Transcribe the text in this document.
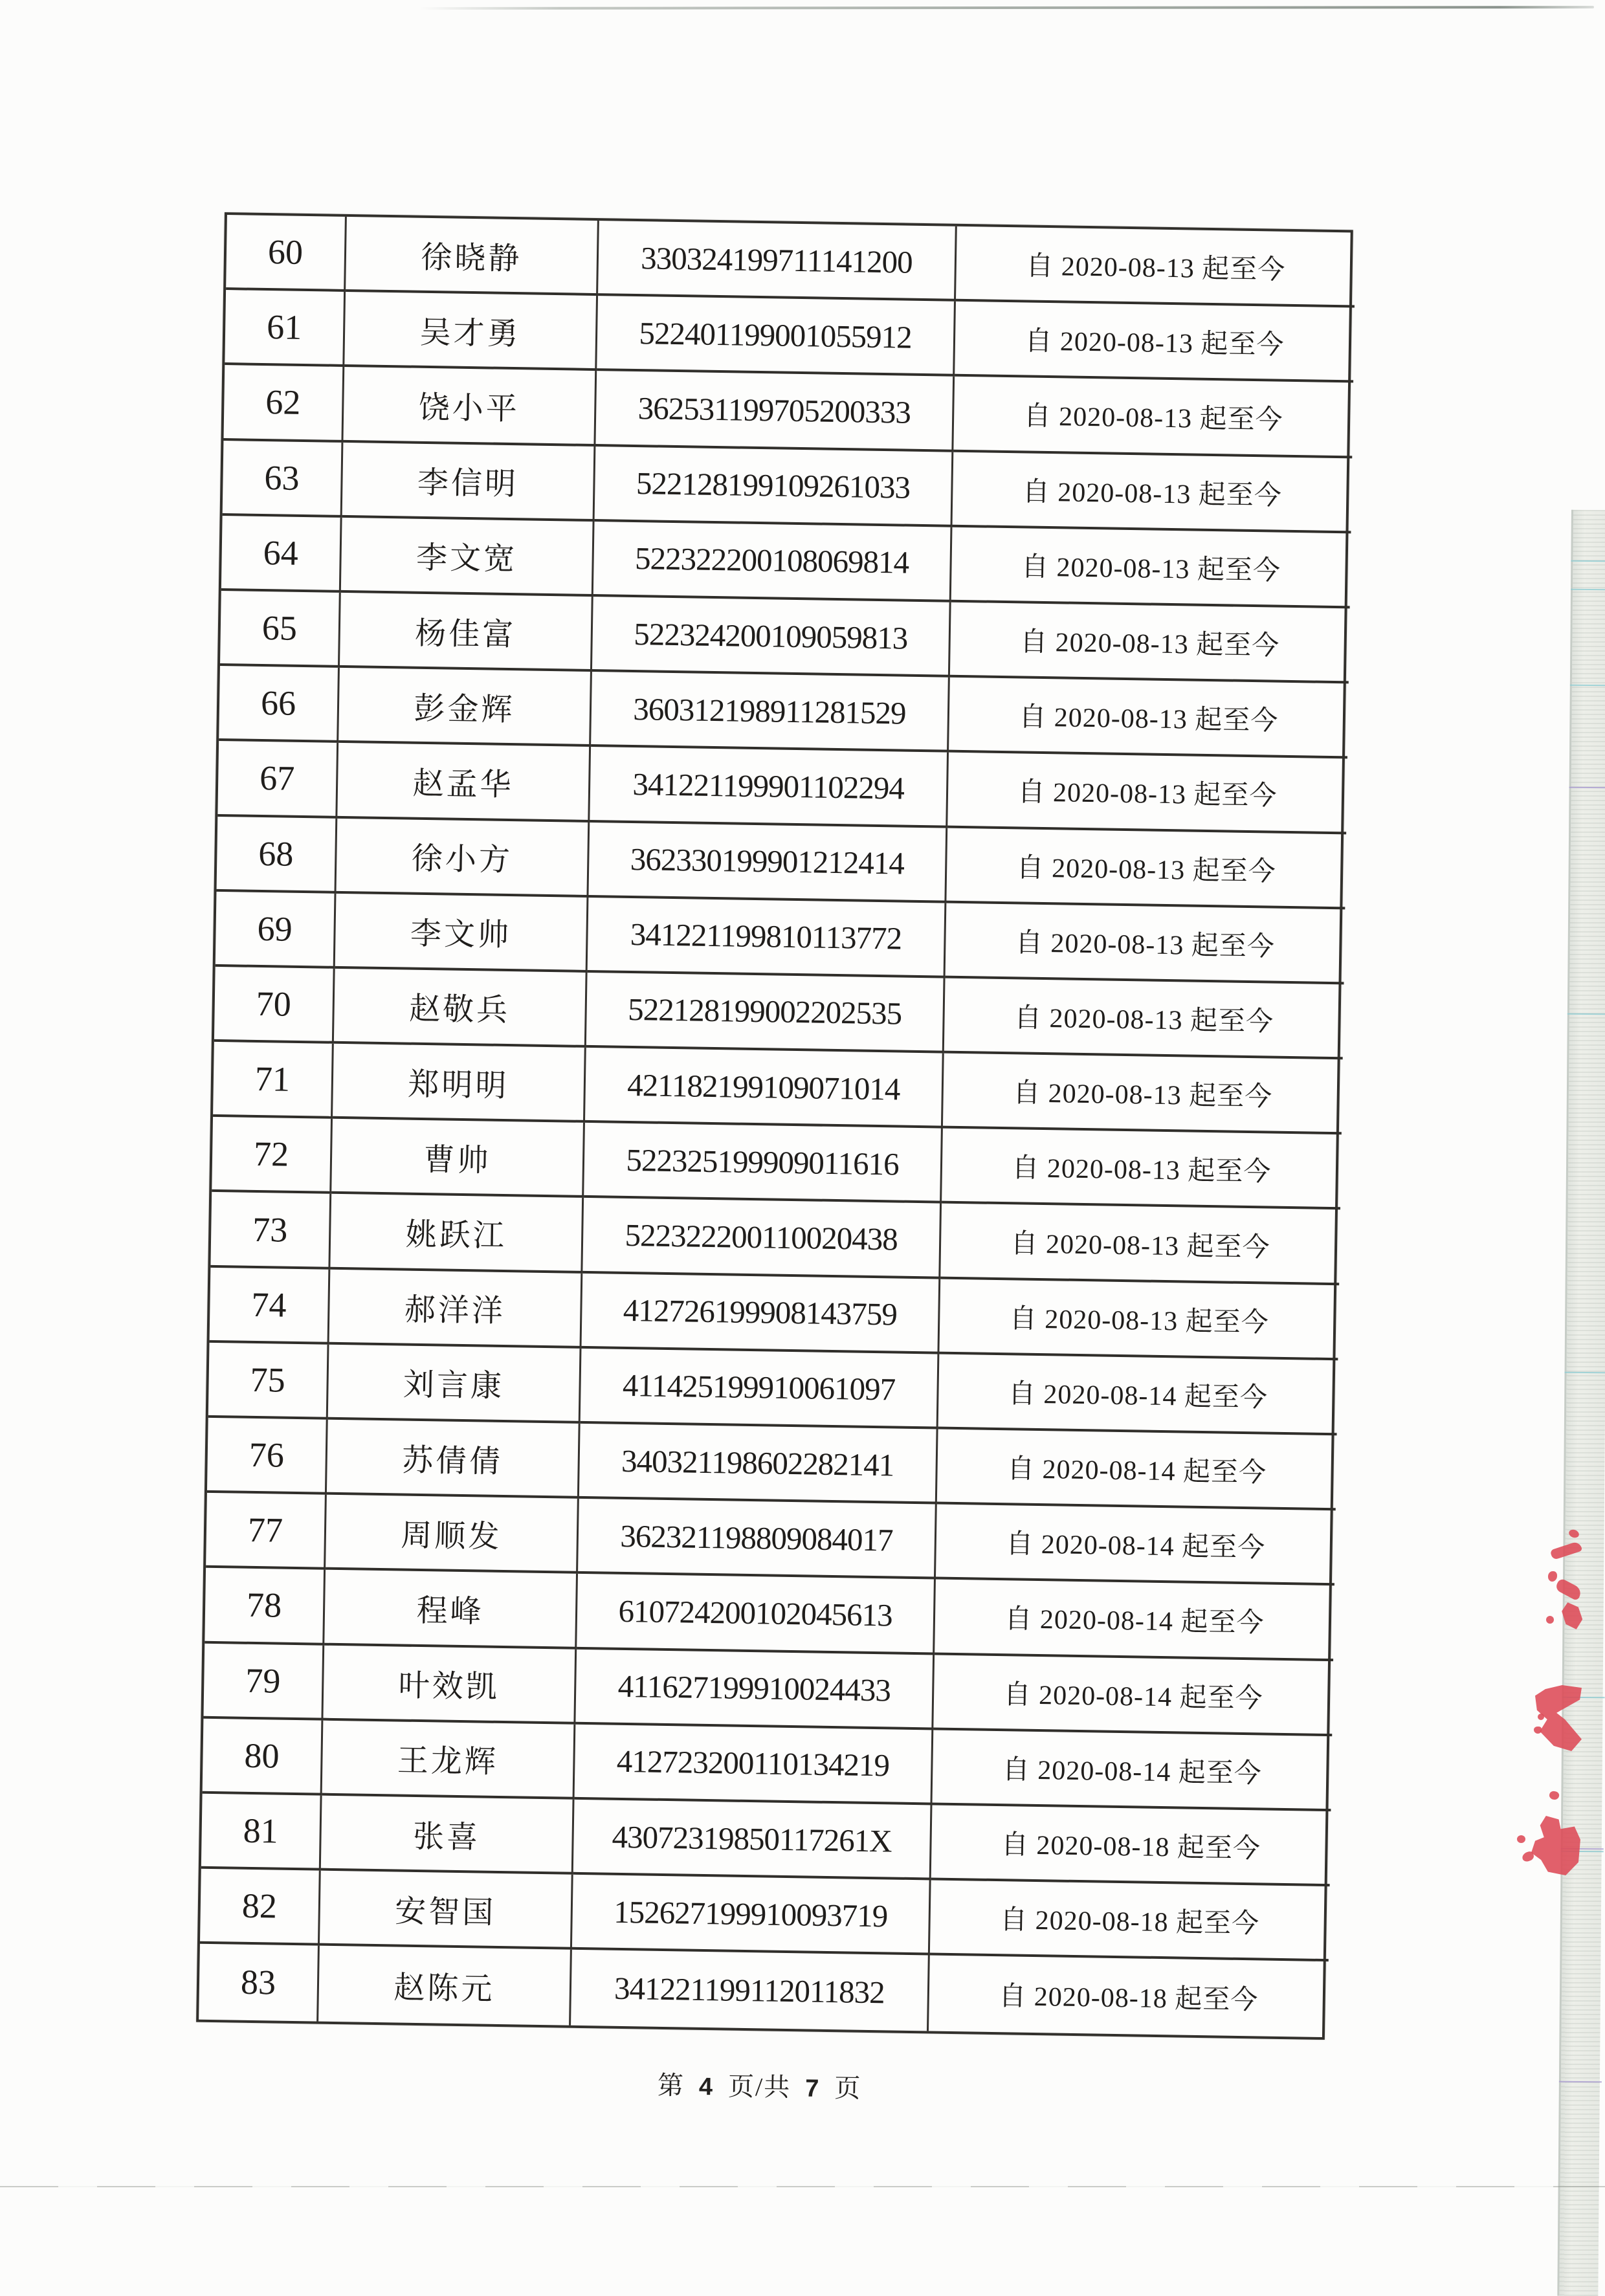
60	徐晓静	330324199711141200	自 2020-08-13 起至今
61	吴才勇	522401199001055912	自 2020-08-13 起至今
62	饶小平	362531199705200333	自 2020-08-13 起至今
63	李信明	522128199109261033	自 2020-08-13 起至今
64	李文宽	522322200108069814	自 2020-08-13 起至今
65	杨佳富	522324200109059813	自 2020-08-13 起至今
66	彭金辉	360312198911281529	自 2020-08-13 起至今
67	赵孟华	341221199901102294	自 2020-08-13 起至今
68	徐小方	362330199901212414	自 2020-08-13 起至今
69	李文帅	341221199810113772	自 2020-08-13 起至今
70	赵敬兵	522128199002202535	自 2020-08-13 起至今
71	郑明明	421182199109071014	自 2020-08-13 起至今
72	曹帅	522325199909011616	自 2020-08-13 起至今
73	姚跃江	522322200110020438	自 2020-08-13 起至今
74	郝洋洋	412726199908143759	自 2020-08-13 起至今
75	刘言康	411425199910061097	自 2020-08-14 起至今
76	苏倩倩	340321198602282141	自 2020-08-14 起至今
77	周顺发	362321198809084017	自 2020-08-14 起至今
78	程峰	610724200102045613	自 2020-08-14 起至今
79	叶效凯	411627199910024433	自 2020-08-14 起至今
80	王龙辉	412723200110134219	自 2020-08-14 起至今
81	张喜	43072319850117261X	自 2020-08-18 起至今
82	安智国	152627199910093719	自 2020-08-18 起至今
83	赵陈元	341221199112011832	自 2020-08-18 起至今
第 4 页/共 7 页
